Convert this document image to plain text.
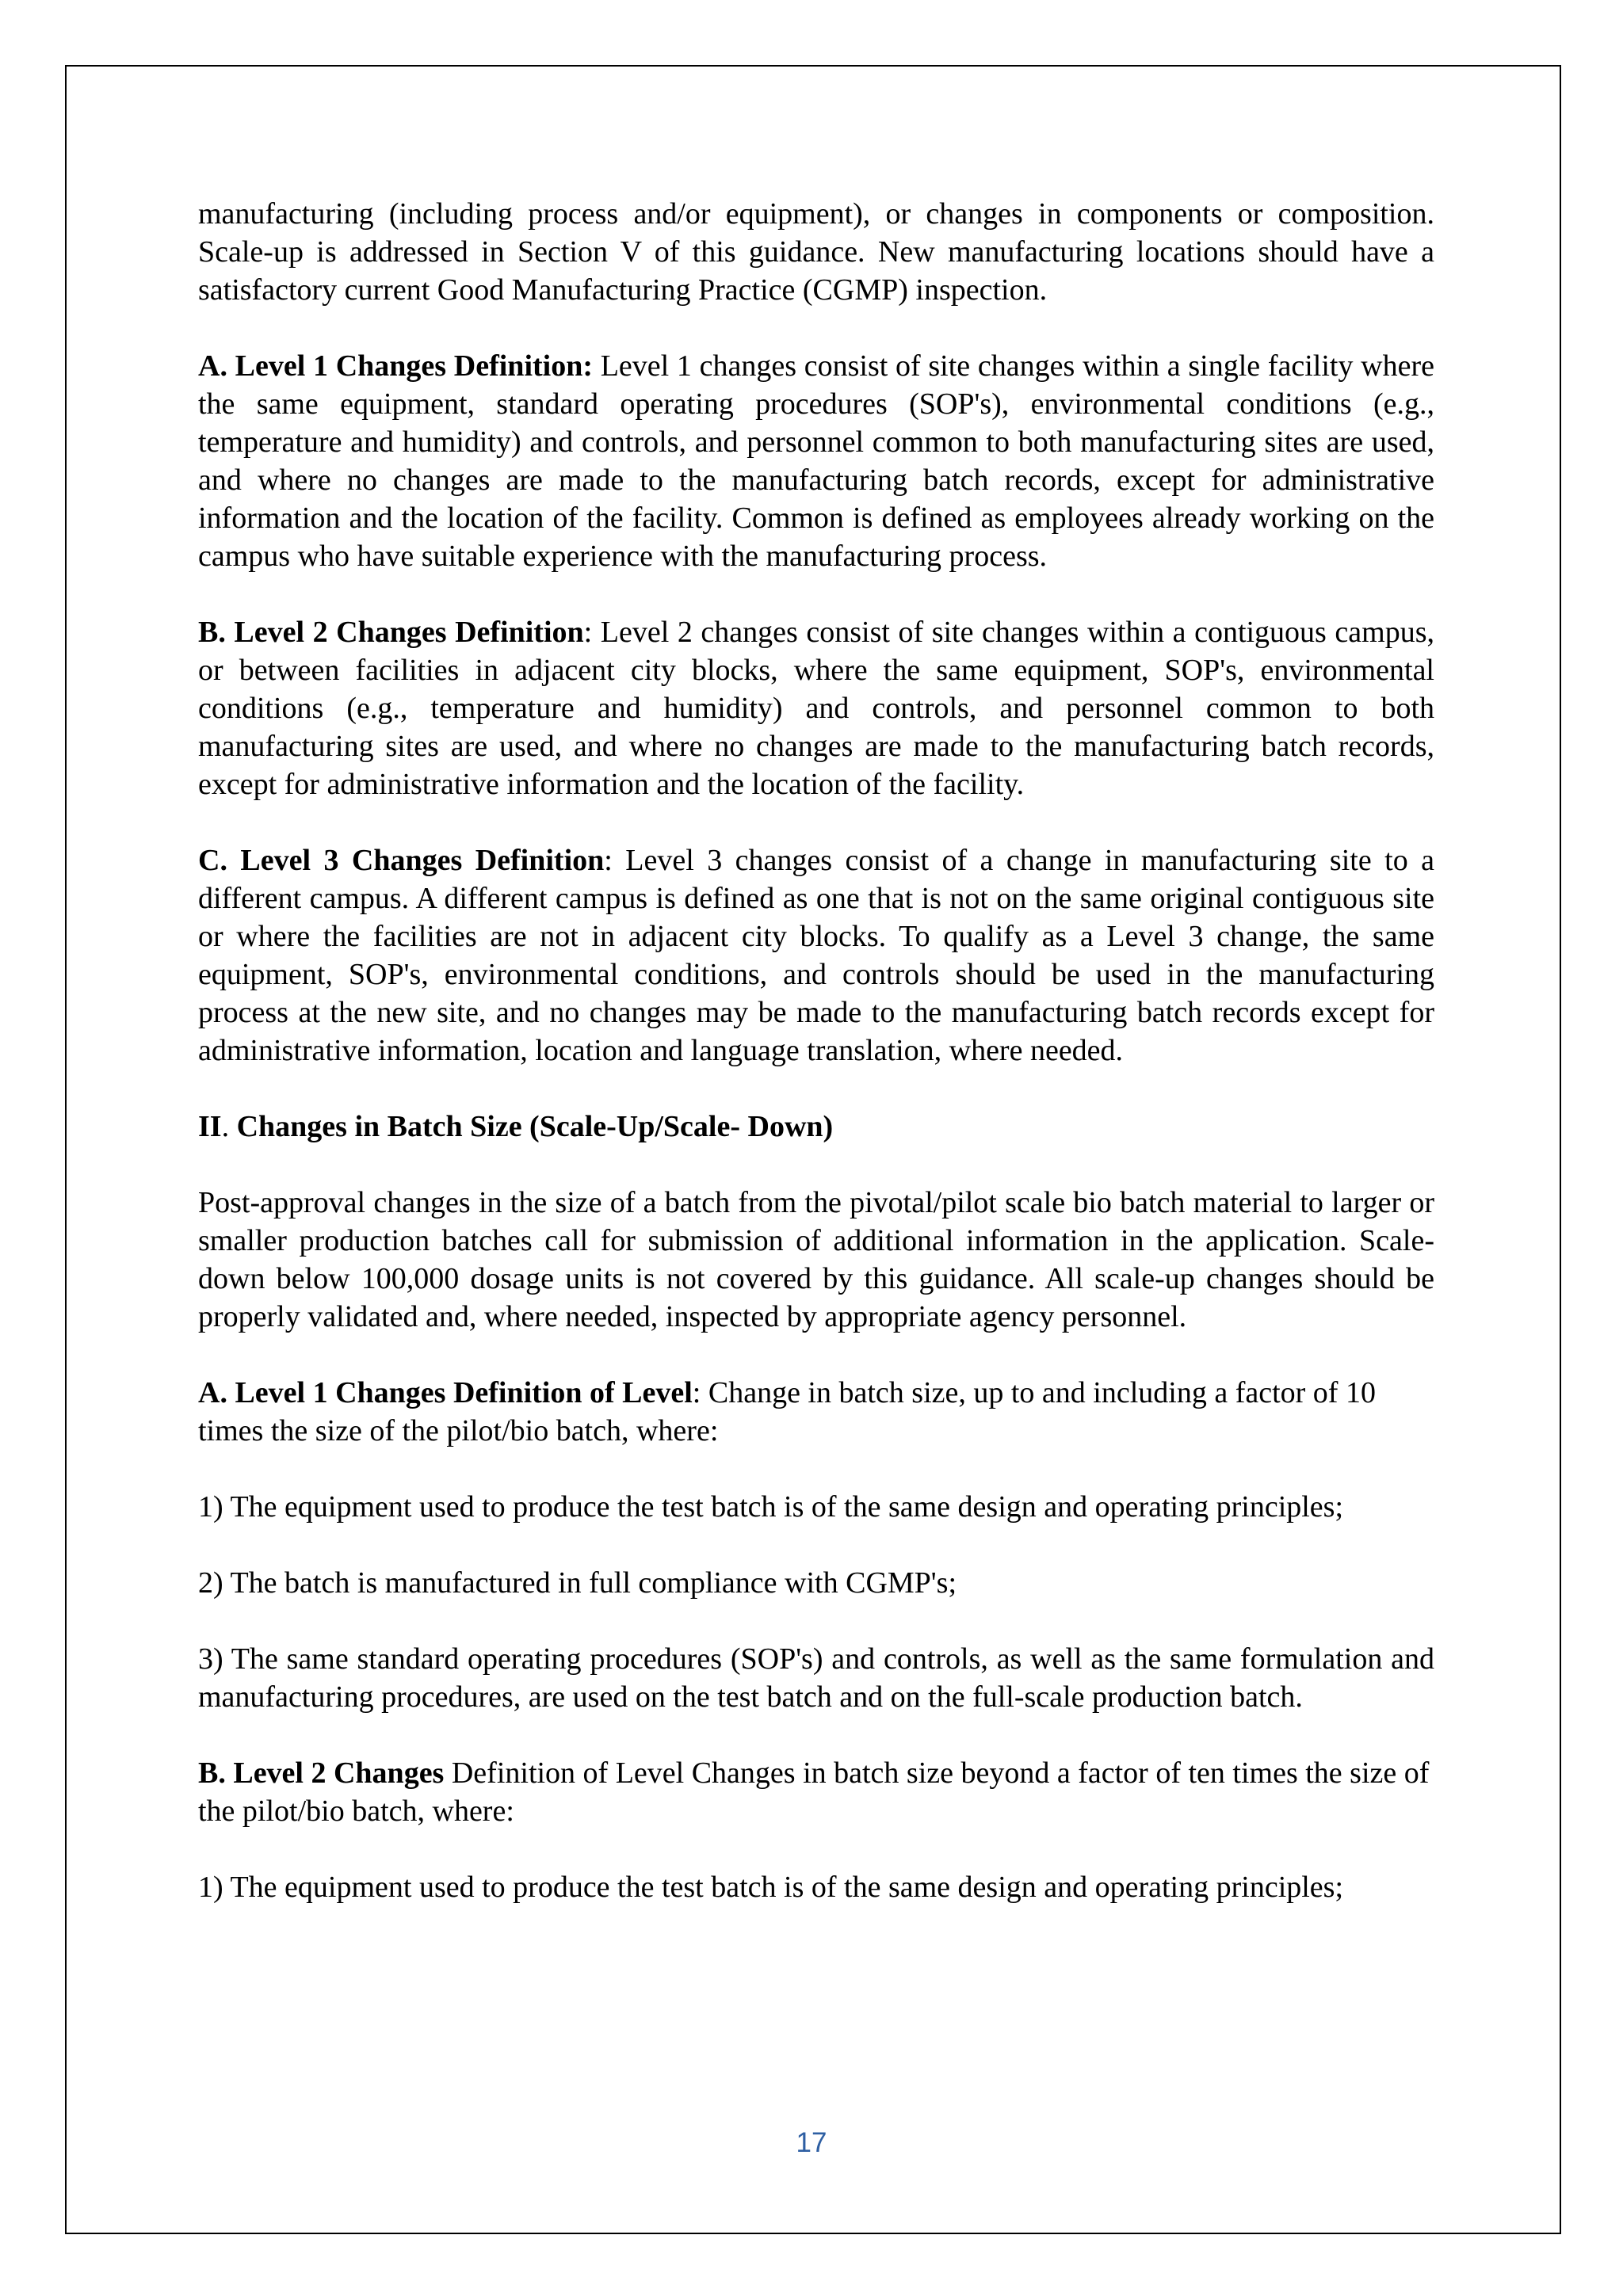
manufacturing (including process and/or equipment), or changes in components or composition. Scale-up is addressed in Section V of this guidance. New manufacturing locations should have a satisfactory current Good Manufacturing Practice (CGMP) inspection.

A. Level 1 Changes Definition: Level 1 changes consist of site changes within a single facility where the same equipment, standard operating procedures (SOP's), environmental conditions (e.g., temperature and humidity) and controls, and personnel common to both manufacturing sites are used, and where no changes are made to the manufacturing batch records, except for administrative information and the location of the facility. Common is defined as employees already working on the campus who have suitable experience with the manufacturing process.

B. Level 2 Changes Definition: Level 2 changes consist of site changes within a contiguous campus, or between facilities in adjacent city blocks, where the same equipment, SOP's, environmental conditions (e.g., temperature and humidity) and controls, and personnel common to both manufacturing sites are used, and where no changes are made to the manufacturing batch records, except for administrative information and the location of the facility.

C. Level 3 Changes Definition: Level 3 changes consist of a change in manufacturing site to a different campus. A different campus is defined as one that is not on the same original contiguous site or where the facilities are not in adjacent city blocks. To qualify as a Level 3 change, the same equipment, SOP's, environmental conditions, and controls should be used in the manufacturing process at the new site, and no changes may be made to the manufacturing batch records except for administrative information, location and language translation, where needed.

II. Changes in Batch Size (Scale-Up/Scale- Down)

Post-approval changes in the size of a batch from the pivotal/pilot scale bio batch material to larger or smaller production batches call for submission of additional information in the application. Scale-down below 100,000 dosage units is not covered by this guidance. All scale-up changes should be properly validated and, where needed, inspected by appropriate agency personnel.

A. Level 1 Changes Definition of Level: Change in batch size, up to and including a factor of 10 times the size of the pilot/bio batch, where:

1) The equipment used to produce the test batch is of the same design and operating principles;

2) The batch is manufactured in full compliance with CGMP's;

3) The same standard operating procedures (SOP's) and controls, as well as the same formulation and manufacturing procedures, are used on the test batch and on the full-scale production batch.

B. Level 2 Changes Definition of Level Changes in batch size beyond a factor of ten times the size of the pilot/bio batch, where:

1) The equipment used to produce the test batch is of the same design and operating principles;

17
